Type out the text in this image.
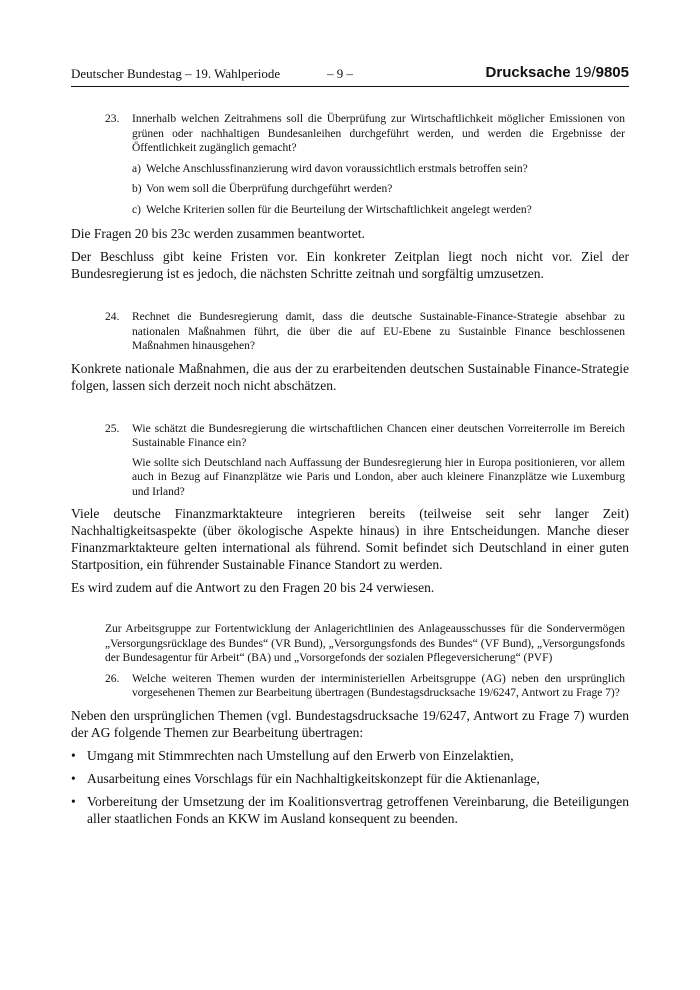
Deutscher Bundestag – 19. Wahlperiode	– 9 –	Drucksache 19/9805
23. Innerhalb welchen Zeitrahmens soll die Überprüfung zur Wirtschaftlichkeit möglicher Emissionen von grünen oder nachhaltigen Bundesanleihen durchgeführt werden, und werden die Ergebnisse der Öffentlichkeit zugänglich gemacht?
a) Welche Anschlussfinanzierung wird davon voraussichtlich erstmals betroffen sein?
b) Von wem soll die Überprüfung durchgeführt werden?
c) Welche Kriterien sollen für die Beurteilung der Wirtschaftlichkeit angelegt werden?

Die Fragen 20 bis 23c werden zusammen beantwortet.

Der Beschluss gibt keine Fristen vor. Ein konkreter Zeitplan liegt noch nicht vor. Ziel der Bundesregierung ist es jedoch, die nächsten Schritte zeitnah und sorgfältig umzusetzen.

24. Rechnet die Bundesregierung damit, dass die deutsche Sustainable-Finance-Strategie absehbar zu nationalen Maßnahmen führt, die über die auf EU-Ebene zu Sustainble Finance beschlossenen Maßnahmen hinausgehen?

Konkrete nationale Maßnahmen, die aus der zu erarbeitenden deutschen Sustainable Finance-Strategie folgen, lassen sich derzeit noch nicht abschätzen.

25. Wie schätzt die Bundesregierung die wirtschaftlichen Chancen einer deutschen Vorreiterrolle im Bereich Sustainable Finance ein?
Wie sollte sich Deutschland nach Auffassung der Bundesregierung hier in Europa positionieren, vor allem auch in Bezug auf Finanzplätze wie Paris und London, aber auch kleinere Finanzplätze wie Luxemburg und Irland?

Viele deutsche Finanzmarktakteure integrieren bereits (teilweise seit sehr langer Zeit) Nachhaltigkeitsaspekte (über ökologische Aspekte hinaus) in ihre Entscheidungen. Manche dieser Finanzmarktakteure gelten international als führend. Somit befindet sich Deutschland in einer guten Startposition, ein führender Sustainable Finance Standort zu werden.

Es wird zudem auf die Antwort zu den Fragen 20 bis 24 verwiesen.

Zur Arbeitsgruppe zur Fortentwicklung der Anlagerichtlinien des Anlageausschusses für die Sondervermögen „Versorgungsrücklage des Bundes“ (VR Bund), „Versorgungsfonds des Bundes“ (VF Bund), „Versorgungsfonds der Bundesagentur für Arbeit“ (BA) und „Vorsorgefonds der sozialen Pflegeversicherung“ (PVF)
26. Welche weiteren Themen wurden der interministeriellen Arbeitsgruppe (AG) neben den ursprünglich vorgesehenen Themen zur Bearbeitung übertragen (Bundestagsdrucksache 19/6247, Antwort zu Frage 7)?

Neben den ursprünglichen Themen (vgl. Bundestagsdrucksache 19/6247, Antwort zu Frage 7) wurden der AG folgende Themen zur Bearbeitung übertragen:

• Umgang mit Stimmrechten nach Umstellung auf den Erwerb von Einzelaktien,
• Ausarbeitung eines Vorschlags für ein Nachhaltigkeitskonzept für die Aktienanlage,
• Vorbereitung der Umsetzung der im Koalitionsvertrag getroffenen Vereinbarung, die Beteiligungen aller staatlichen Fonds an KKW im Ausland konsequent zu beenden.
